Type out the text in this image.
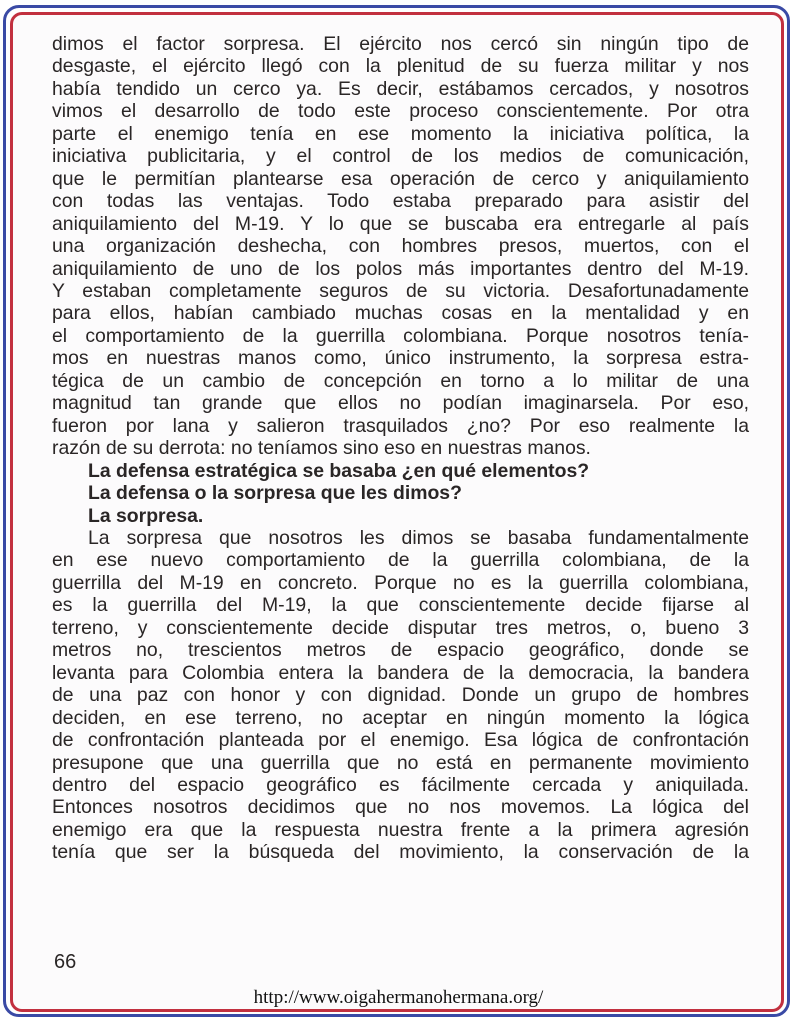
dimos el factor sorpresa. El ejército nos cercó sin ningún tipo de
desgaste, el ejército llegó con la plenitud de su fuerza militar y nos
había tendido un cerco ya. Es decir, estábamos cercados, y nosotros
vimos el desarrollo de todo este proceso conscientemente. Por otra
parte el enemigo tenía en ese momento la iniciativa política, la
iniciativa publicitaria, y el control de los medios de comunicación,
que le permitían plantearse esa operación de cerco y aniquilamiento
con todas las ventajas. Todo estaba preparado para asistir del
aniquilamiento del M-19. Y lo que se buscaba era entregarle al país
una organización deshecha, con hombres presos, muertos, con el
aniquilamiento de uno de los polos más importantes dentro del M-19.
Y estaban completamente seguros de su victoria. Desafortunadamente
para ellos, habían cambiado muchas cosas en la mentalidad y en
el comportamiento de la guerrilla colombiana. Porque nosotros tenía-
mos en nuestras manos como, único instrumento, la sorpresa estra-
tégica de un cambio de concepción en torno a lo militar de una
magnitud tan grande que ellos no podían imaginarsela. Por eso,
fueron por lana y salieron trasquilados ¿no? Por eso realmente la
razón de su derrota: no teníamos sino eso en nuestras manos.
La defensa estratégica se basaba ¿en qué elementos?
La defensa o la sorpresa que les dimos?
La sorpresa.
La sorpresa que nosotros les dimos se basaba fundamentalmente
en ese nuevo comportamiento de la guerrilla colombiana, de la
guerrilla del M-19 en concreto. Porque no es la guerrilla colombiana,
es la guerrilla del M-19, la que conscientemente decide fijarse al
terreno, y conscientemente decide disputar tres metros, o, bueno 3
metros no, trescientos metros de espacio geográfico, donde se
levanta para Colombia entera la bandera de la democracia, la bandera
de una paz con honor y con dignidad. Donde un grupo de hombres
deciden, en ese terreno, no aceptar en ningún momento la lógica
de confrontación planteada por el enemigo. Esa lógica de confrontación
presupone que una guerrilla que no está en permanente movimiento
dentro del espacio geográfico es fácilmente cercada y aniquilada.
Entonces nosotros decidimos que no nos movemos. La lógica del
enemigo era que la respuesta nuestra frente a la primera agresión
tenía que ser la búsqueda del movimiento, la conservación de la
66
http://www.oigahermanohermana.org/
